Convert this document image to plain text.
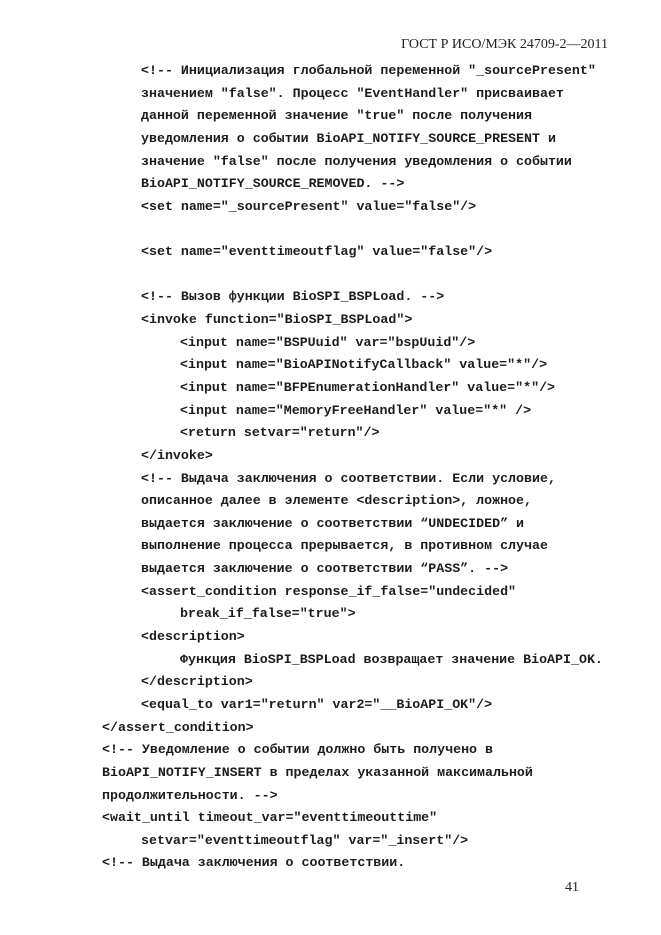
ГОСТ Р ИСО/МЭК 24709-2—2011
<!-- Инициализация глобальной переменной "_sourcePresent"
значением "false". Процесс "EventHandler" присваивает
данной переменной значение "true" после получения
уведомления о событии BioAPI_NOTIFY_SOURCE_PRESENT и
значение "false" после получения уведомления о событии
BioAPI_NOTIFY_SOURCE_REMOVED. -->
<set name="_sourcePresent" value="false"/>
<set name="eventtimeoutflag" value="false"/>
<!-- Вызов функции BioSPI_BSPLoad. -->
<invoke function="BioSPI_BSPLoad">
<input name="BSPUuid" var="bspUuid"/>
<input name="BioAPINotifyCallback" value="*"/>
<input name="BFPEnumerationHandler" value="*"/>
<input name="MemoryFreeHandler" value="*" />
<return setvar="return"/>
</invoke>
<!-- Выдача заключения о соответствии. Если условие,
описанное далее в элементе <description>, ложное,
выдается заключение о соответствии “UNDECIDED” и
выполнение процесса прерывается, в противном случае
выдается заключение о соответствии “PASS”. -->
<assert_condition response_if_false="undecided"
break_if_false="true">
<description>
Функция BioSPI_BSPLoad возвращает значение BioAPI_OK.
</description>
<equal_to var1="return" var2="__BioAPI_OK"/>
</assert_condition>
<!-- Уведомление о событии должно быть получено в
BioAPI_NOTIFY_INSERT в пределах указанной максимальной
продолжительности. -->
<wait_until timeout_var="eventtimeouttime"
setvar="eventtimeoutflag" var="_insert"/>
<!-- Выдача заключения о соответствии.
41
